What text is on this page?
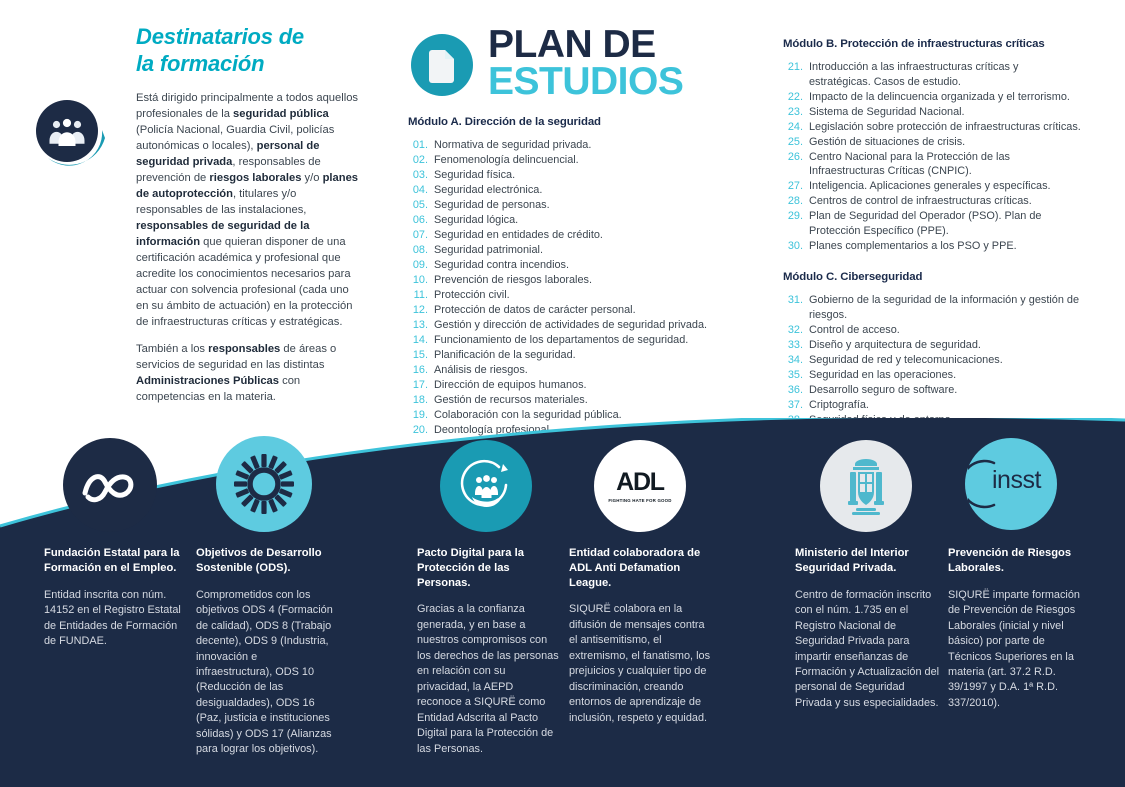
Destinatarios de
la formación

Está dirigido principalmente a todos aquellos profesionales de la seguridad pública (Policía Nacional, Guardia Civil, policías autonómicas o locales), personal de seguridad privada, responsables de prevención de riesgos laborales y/o planes de autoprotección, titulares y/o responsables de las instalaciones, responsables de seguridad de la información que quieran disponer de una certificación académica y profesional que acredite los conocimientos necesarios para actuar con solvencia profesional (cada uno en su ámbito de actuación) en la protección de infraestructuras críticas y estratégicas.

También a los responsables de áreas o servicios de seguridad en las distintas Administraciones Públicas con competencias en la materia.

PLAN DE
ESTUDIOS
Módulo A. Dirección de la seguridad
01. Normativa de seguridad privada.
02. Fenomenología delincuencial.
03. Seguridad física.
04. Seguridad electrónica.
05. Seguridad de personas.
06. Seguridad lógica.
07. Seguridad en entidades de crédito.
08. Seguridad patrimonial.
09. Seguridad contra incendios.
10. Prevención de riesgos laborales.
11. Protección civil.
12. Protección de datos de carácter personal.
13. Gestión y dirección de actividades de seguridad privada.
14. Funcionamiento de los departamentos de seguridad.
15. Planificación de la seguridad.
16. Análisis de riesgos.
17. Dirección de equipos humanos.
18. Gestión de recursos materiales.
19. Colaboración con la seguridad pública.
20. Deontología profesional.
Módulo B. Protección de infraestructuras críticas
21. Introducción a las infraestructuras críticas y estratégicas. Casos de estudio.
22. Impacto de la delincuencia organizada y el terrorismo.
23. Sistema de Seguridad Nacional.
24. Legislación sobre protección de infraestructuras críticas.
25. Gestión de situaciones de crisis.
26. Centro Nacional para la Protección de las Infraestructuras Críticas (CNPIC).
27. Inteligencia. Aplicaciones generales y específicas.
28. Centros de control de infraestructuras críticas.
29. Plan de Seguridad del Operador (PSO). Plan de Protección Específico (PPE).
30. Planes complementarios a los PSO y PPE.
Módulo C. Ciberseguridad
31. Gobierno de la seguridad de la información y gestión de riesgos.
32. Control de acceso.
33. Diseño y arquitectura de seguridad.
34. Seguridad de red y telecomunicaciones.
35. Seguridad en las operaciones.
36. Desarrollo seguro de software.
37. Criptografía.
ADL
FIGHTING HATE FOR GOOD
insst
Fundación Estatal para la Formación en el Empleo.

Entidad inscrita con núm. 14152 en el Registro Estatal de Entidades de Formación de FUNDAE.

Objetivos de Desarrollo Sostenible (ODS).

Comprometidos con los objetivos ODS 4 (Formación de calidad), ODS 8 (Trabajo decente), ODS 9 (Industria, innovación e infraestructura), ODS 10 (Reducción de las desigualdades), ODS 16 (Paz, justicia e instituciones sólidas) y ODS 17 (Alianzas para lograr los objetivos).

Pacto Digital para la Protección de las Personas.

Gracias a la confianza generada, y en base a nuestros compromisos con los derechos de las personas en relación con su privacidad, la AEPD reconoce a SIQURË como Entidad Adscrita al Pacto Digital para la Protección de las Personas.

Entidad colaboradora de ADL Anti Defamation League.

SIQURË colabora en la difusión de mensajes contra el antisemitismo, el extremismo, el fanatismo, los prejuicios y cualquier tipo de discriminación, creando entornos de aprendizaje de inclusión, respeto y equidad.

Ministerio del Interior Seguridad Privada.

Centro de formación inscrito con el núm. 1.735 en el Registro Nacional de Seguridad Privada para impartir enseñanzas de Formación y Actualización del personal de Seguridad Privada y sus especialidades.

Prevención de Riesgos Laborales.

SIQURË imparte formación de Prevención de Riesgos Laborales (inicial y nivel básico) por parte de Técnicos Superiores en la materia (art. 37.2 R.D. 39/1997 y D.A. 1ª R.D. 337/2010).
